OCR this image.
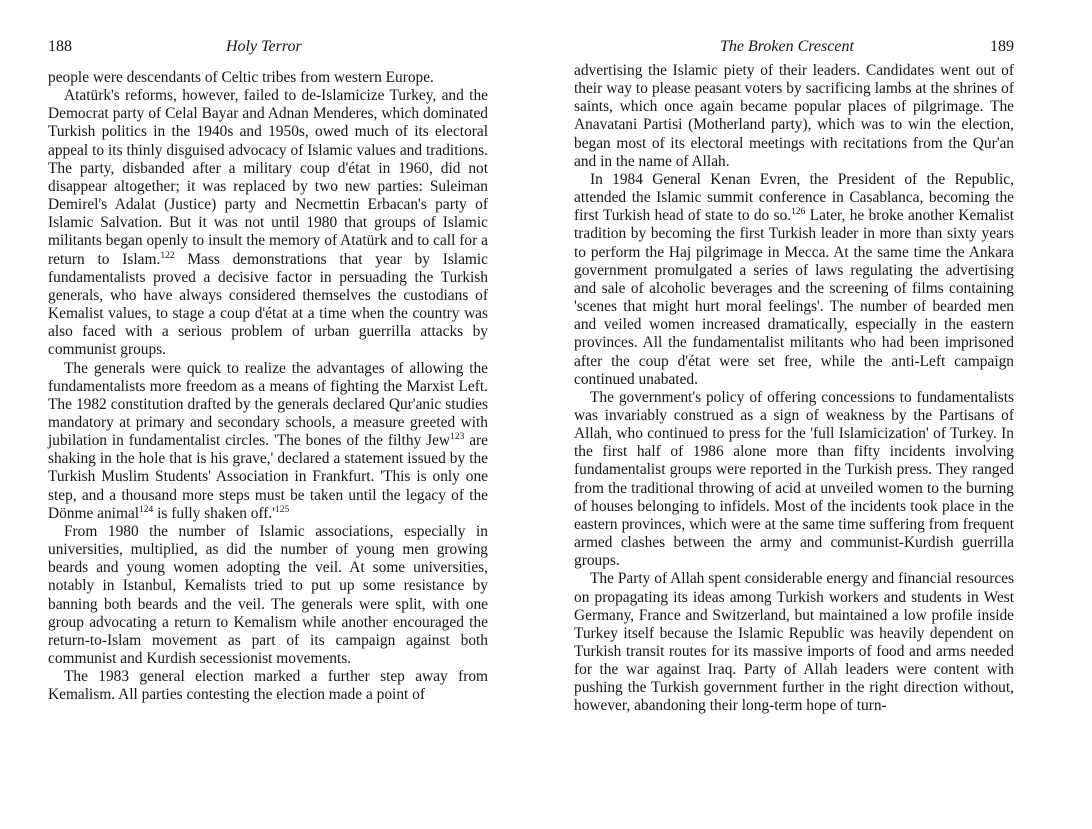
188	Holy Terror

people were descendants of Celtic tribes from western Europe.

Atatürk's reforms, however, failed to de-Islamicize Turkey, and the Democrat party of Celal Bayar and Adnan Menderes, which dominated Turkish politics in the 1940s and 1950s, owed much of its electoral appeal to its thinly disguised advocacy of Islamic values and traditions. The party, disbanded after a military coup d'état in 1960, did not disappear altogether; it was replaced by two new parties: Suleiman Demirel's Adalat (Justice) party and Necmettin Erbacan's party of Islamic Salvation. But it was not until 1980 that groups of Islamic militants began openly to insult the memory of Atatürk and to call for a return to Islam.$^{122}$ Mass demonstrations that year by Islamic fundamentalists proved a decisive factor in persuading the Turkish generals, who have always considered themselves the custodians of Kemalist values, to stage a coup d'état at a time when the country was also faced with a serious problem of urban guerrilla attacks by communist groups.

The generals were quick to realize the advantages of allowing the fundamentalists more freedom as a means of fighting the Marxist Left. The 1982 constitution drafted by the generals declared Qur'anic studies mandatory at primary and secondary schools, a measure greeted with jubilation in fundamentalist circles. 'The bones of the filthy Jew$^{123}$ are shaking in the hole that is his grave,' declared a statement issued by the Turkish Muslim Students' Association in Frankfurt. 'This is only one step, and a thousand more steps must be taken until the legacy of the Dönme animal$^{124}$ is fully shaken $off.'^{125}$

From 1980 the number of Islamic associations, especially in universities, multiplied, as did the number of young men growing beards and young women adopting the veil. At some universities, notably in Istanbul, Kemalists tried to put up some resistance by banning both beards and the veil. The generals were split, with one group advocating a return to Kemalism while another encouraged the return-to-Islam movement as part of its campaign against both communist and Kurdish secessionist movements.

The 1983 general election marked a further step away from Kemalism. All parties contesting the election made a point of

The Broken Crescent	189

advertising the Islamic piety of their leaders. Candidates went out of their way to please peasant voters by sacrificing lambs at the shrines of saints, which once again became popular places of pilgrimage. The Anavatani Partisi (Motherland party), which was to win the election, began most of its electoral meetings with recitations from the Qur'an and in the name of Allah.

In 1984 General Kenan Evren, the President of the Republic, attended the Islamic summit conference in Casablanca, becoming the first Turkish head of state to do so.$^{126}$ Later, he broke another Kemalist tradition by becoming the first Turkish leader in more than sixty years to perform the Haj pilgrimage in Mecca. At the same time the Ankara government promulgated a series of laws regulating the advertising and sale of alcoholic beverages and the screening of films containing 'scenes that might hurt moral feelings'. The number of bearded men and veiled women increased dramatically, especially in the eastern provinces. All the fundamentalist militants who had been imprisoned after the coup d'état were set free, while the anti-Left campaign continued unabated.

The government's policy of offering concessions to fundamentalists was invariably construed as a sign of weakness by the Partisans of Allah, who continued to press for the 'full Islamicization' of Turkey. In the first half of 1986 alone more than fifty incidents involving fundamentalist groups were reported in the Turkish press. They ranged from the traditional throwing of acid at unveiled women to the burning of houses belonging to infidels. Most of the incidents took place in the eastern provinces, which were at the same time suffering from frequent armed clashes between the army and communist-Kurdish guerrilla groups.

The Party of Allah spent considerable energy and financial resources on propagating its ideas among Turkish workers and students in West Germany, France and Switzerland, but maintained a low profile inside Turkey itself because the Islamic Republic was heavily dependent on Turkish transit routes for its massive imports of food and arms needed for the war against Iraq. Party of Allah leaders were content with pushing the Turkish government further in the right direction without, however, abandoning their long-term hope of turn-
